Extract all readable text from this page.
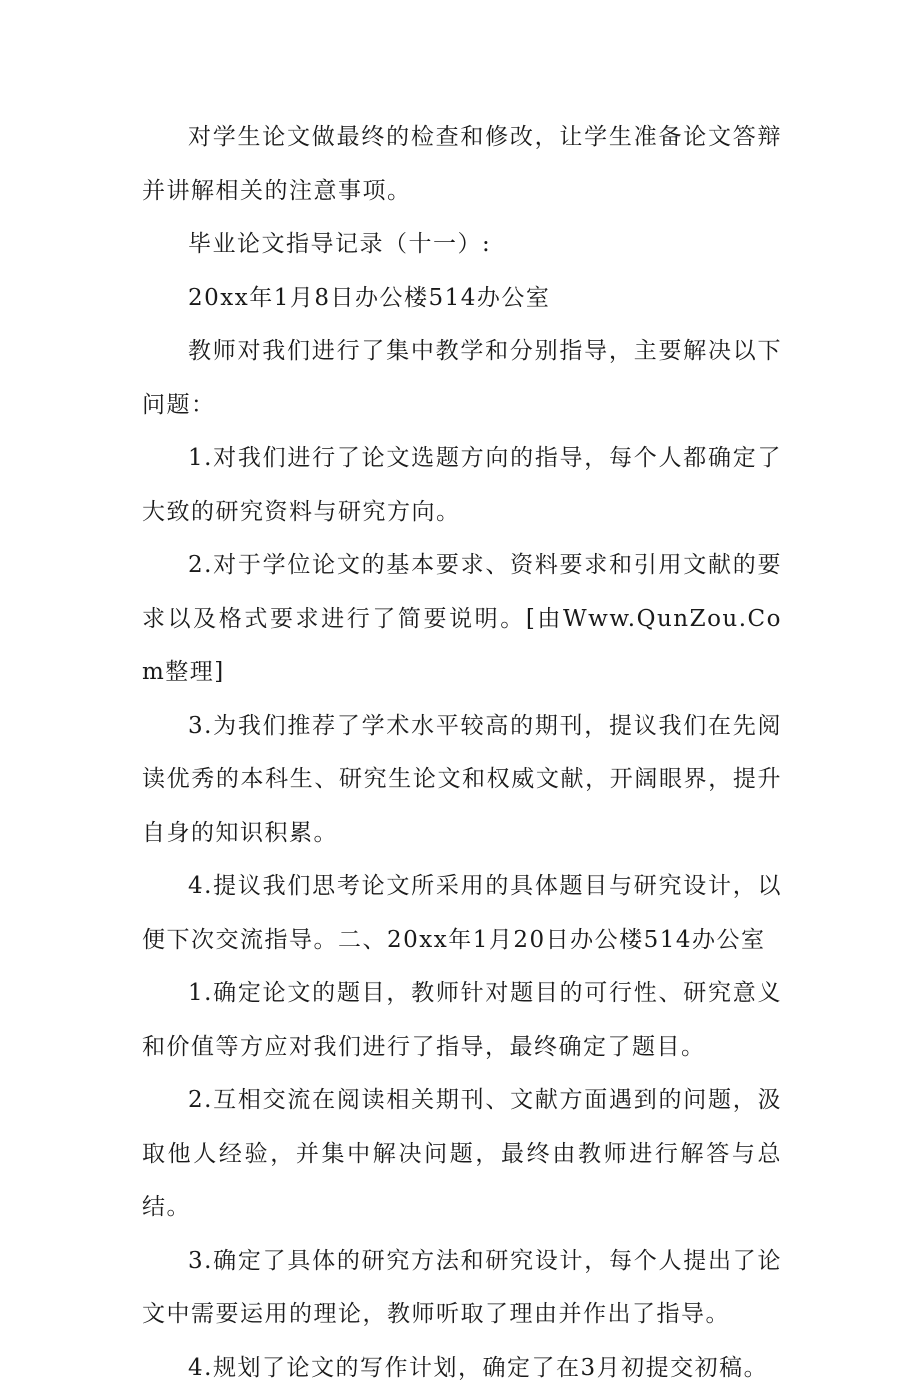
对学生论文做最终的检查和修改，让学生准备论文答辩并讲解相关的注意事项。

毕业论文指导记录（十一）:

20xx年1月8日办公楼514办公室

教师对我们进行了集中教学和分别指导，主要解决以下问题：

1.对我们进行了论文选题方向的指导，每个人都确定了大致的研究资料与研究方向。

2.对于学位论文的基本要求、资料要求和引用文献的要求以及格式要求进行了简要说明。[由Www.QunZou.Com整理]

3.为我们推荐了学术水平较高的期刊，提议我们在先阅读优秀的本科生、研究生论文和权威文献，开阔眼界，提升自身的知识积累。

4.提议我们思考论文所采用的具体题目与研究设计，以便下次交流指导。二、20xx年1月20日办公楼514办公室

1.确定论文的题目，教师针对题目的可行性、研究意义和价值等方应对我们进行了指导，最终确定了题目。

2.互相交流在阅读相关期刊、文献方面遇到的问题，汲取他人经验，并集中解决问题，最终由教师进行解答与总结。

3.确定了具体的研究方法和研究设计，每个人提出了论文中需要运用的理论，教师听取了理由并作出了指导。

4.规划了论文的写作计划，确定了在3月初提交初稿。
